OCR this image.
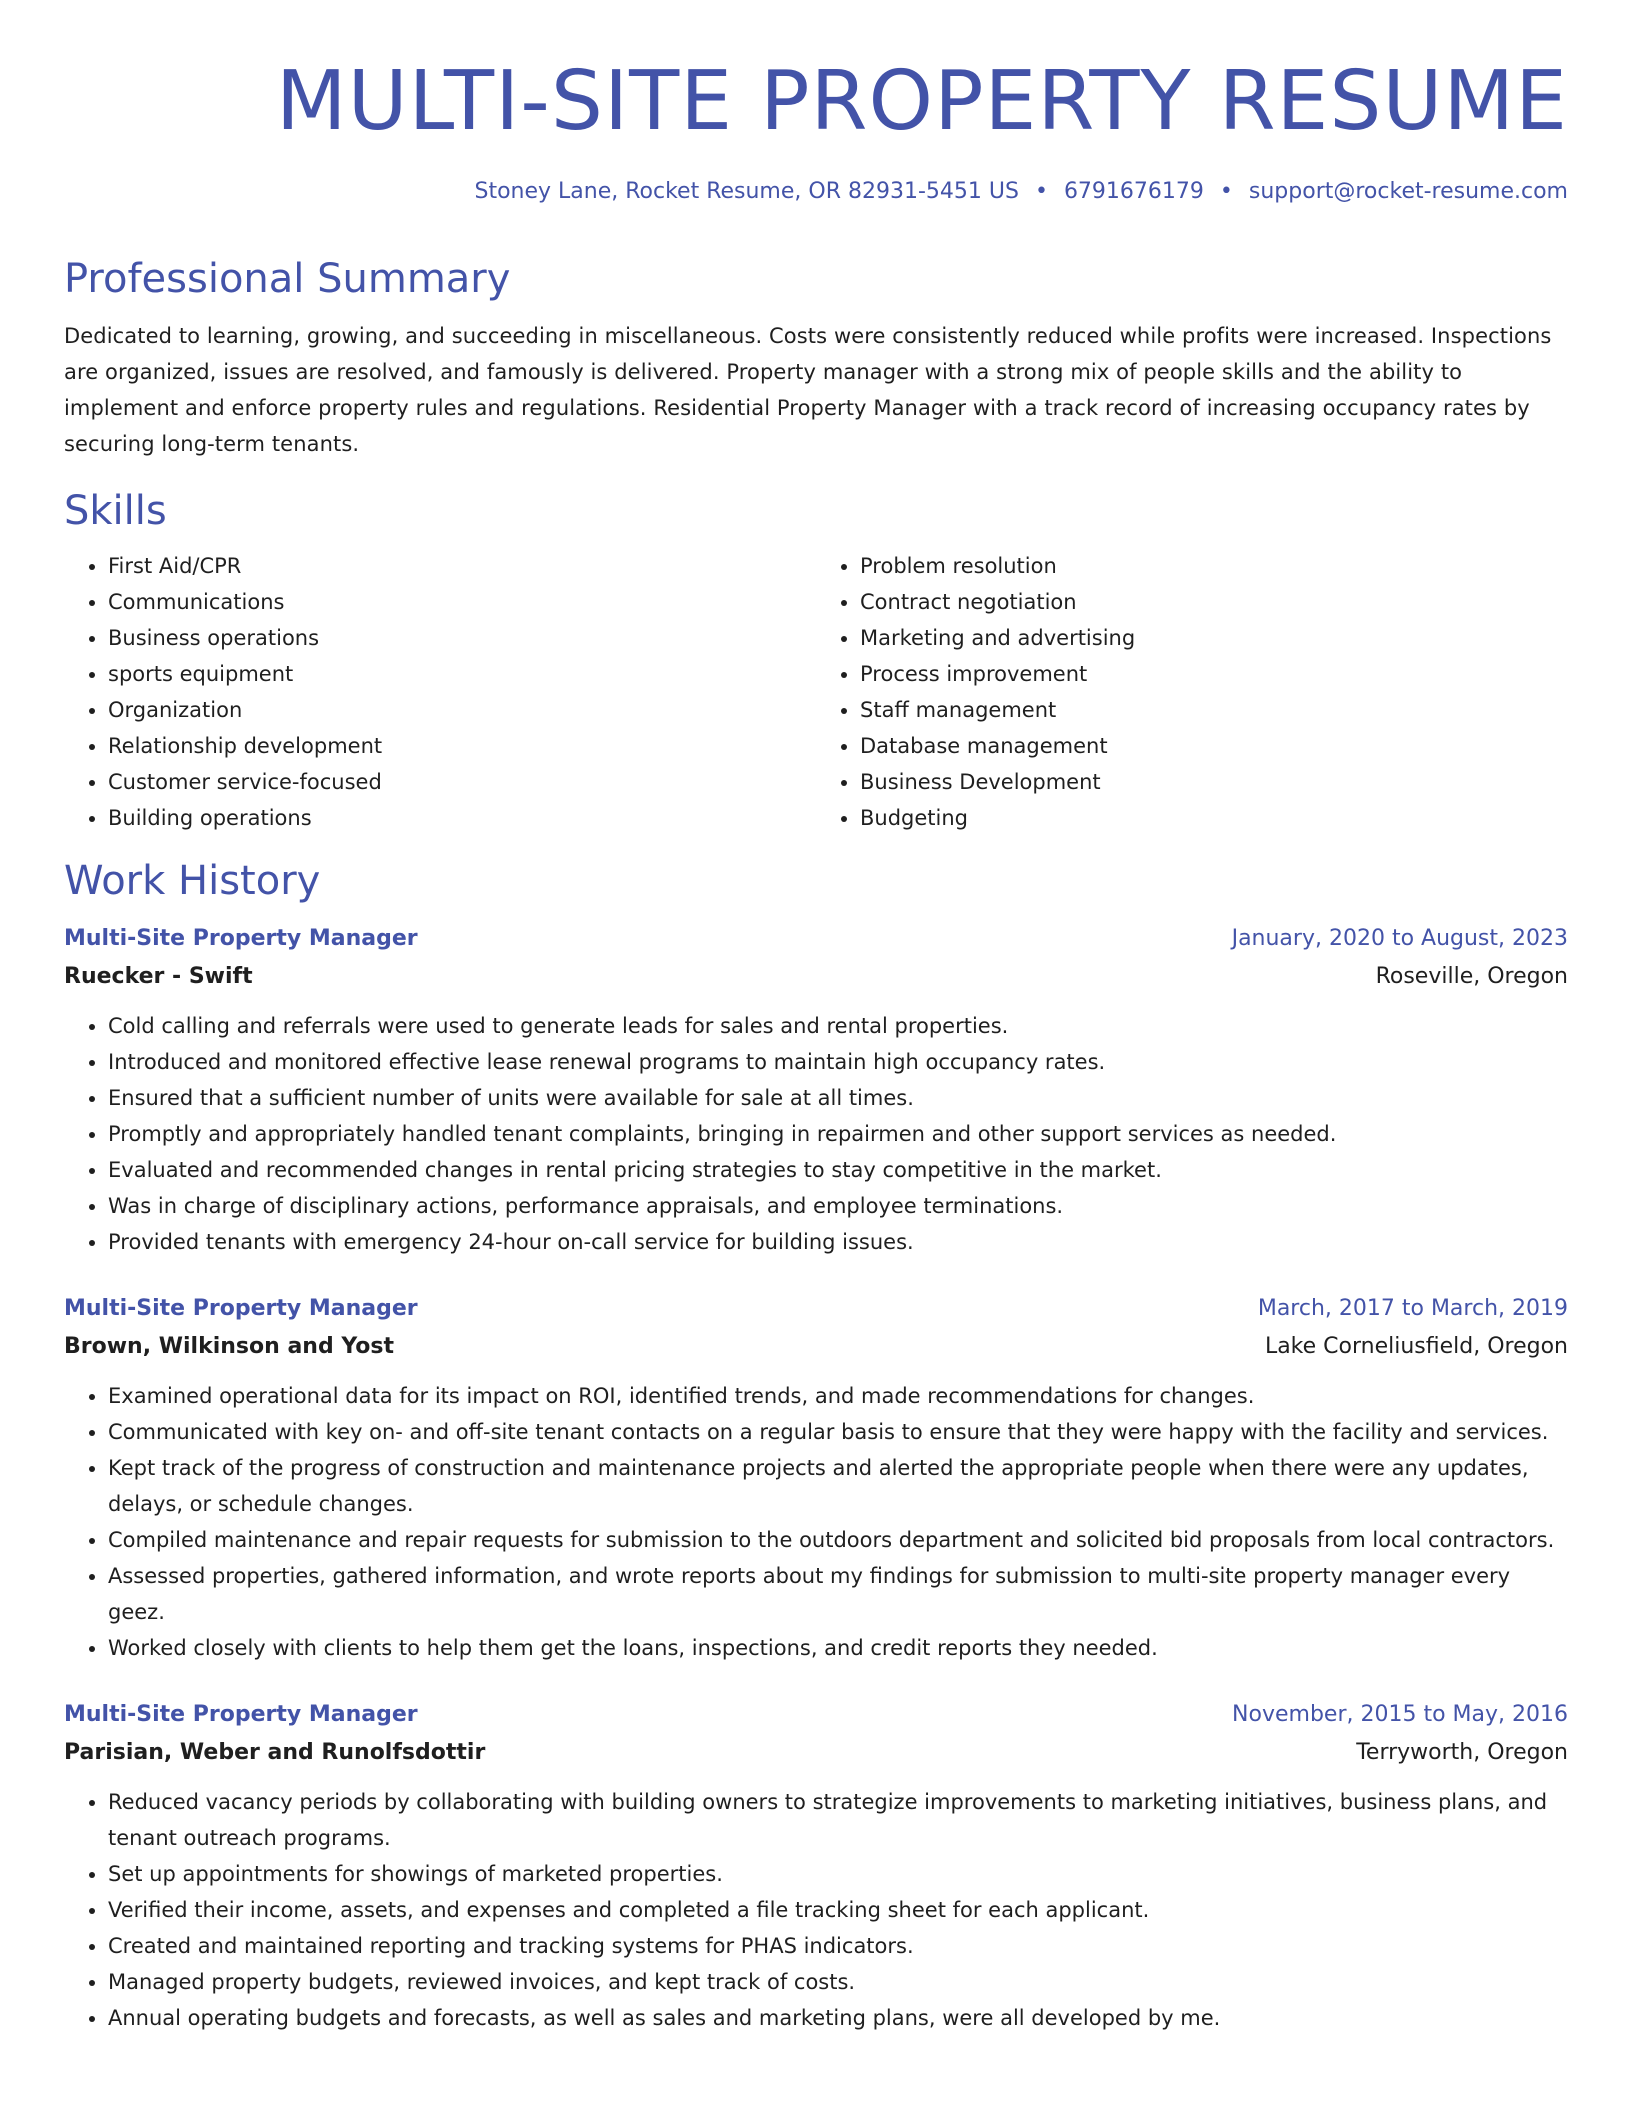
MULTI-SITE PROPERTY RESUME
Stoney Lane, Rocket Resume, OR 82931-5451 US • 6791676179 • support@rocket-resume.com
Professional Summary

Dedicated to learning, growing, and succeeding in miscellaneous. Costs were consistently reduced while profits were increased. Inspections are organized, issues are resolved, and famously is delivered. Property manager with a strong mix of people skills and the ability to implement and enforce property rules and regulations. Residential Property Manager with a track record of increasing occupancy rates by securing long-term tenants.

Skills
• First Aid/CPR
• Communications
• Business operations
• sports equipment
• Organization
• Relationship development
• Customer service-focused
• Building operations
• Problem resolution
• Contract negotiation
• Marketing and advertising
• Process improvement
• Staff management
• Database management
• Business Development
• Budgeting
Work History
Multi-Site Property Manager	January, 2020 to August, 2023
Ruecker - Swift	Roseville, Oregon
• Cold calling and referrals were used to generate leads for sales and rental properties.
• Introduced and monitored effective lease renewal programs to maintain high occupancy rates.
• Ensured that a sufficient number of units were available for sale at all times.
• Promptly and appropriately handled tenant complaints, bringing in repairmen and other support services as needed.
• Evaluated and recommended changes in rental pricing strategies to stay competitive in the market.
• Was in charge of disciplinary actions, performance appraisals, and employee terminations.
• Provided tenants with emergency 24-hour on-call service for building issues.
Multi-Site Property Manager	March, 2017 to March, 2019
Brown, Wilkinson and Yost	Lake Corneliusfield, Oregon
• Examined operational data for its impact on ROI, identified trends, and made recommendations for changes.
• Communicated with key on- and off-site tenant contacts on a regular basis to ensure that they were happy with the facility and services.
• Kept track of the progress of construction and maintenance projects and alerted the appropriate people when there were any updates, delays, or schedule changes.
• Compiled maintenance and repair requests for submission to the outdoors department and solicited bid proposals from local contractors.
• Assessed properties, gathered information, and wrote reports about my findings for submission to multi-site property manager every geez.
• Worked closely with clients to help them get the loans, inspections, and credit reports they needed.
Multi-Site Property Manager	November, 2015 to May, 2016
Parisian, Weber and Runolfsdottir	Terryworth, Oregon
• Reduced vacancy periods by collaborating with building owners to strategize improvements to marketing initiatives, business plans, and tenant outreach programs.
• Set up appointments for showings of marketed properties.
• Verified their income, assets, and expenses and completed a file tracking sheet for each applicant.
• Created and maintained reporting and tracking systems for PHAS indicators.
• Managed property budgets, reviewed invoices, and kept track of costs.
• Annual operating budgets and forecasts, as well as sales and marketing plans, were all developed by me.
